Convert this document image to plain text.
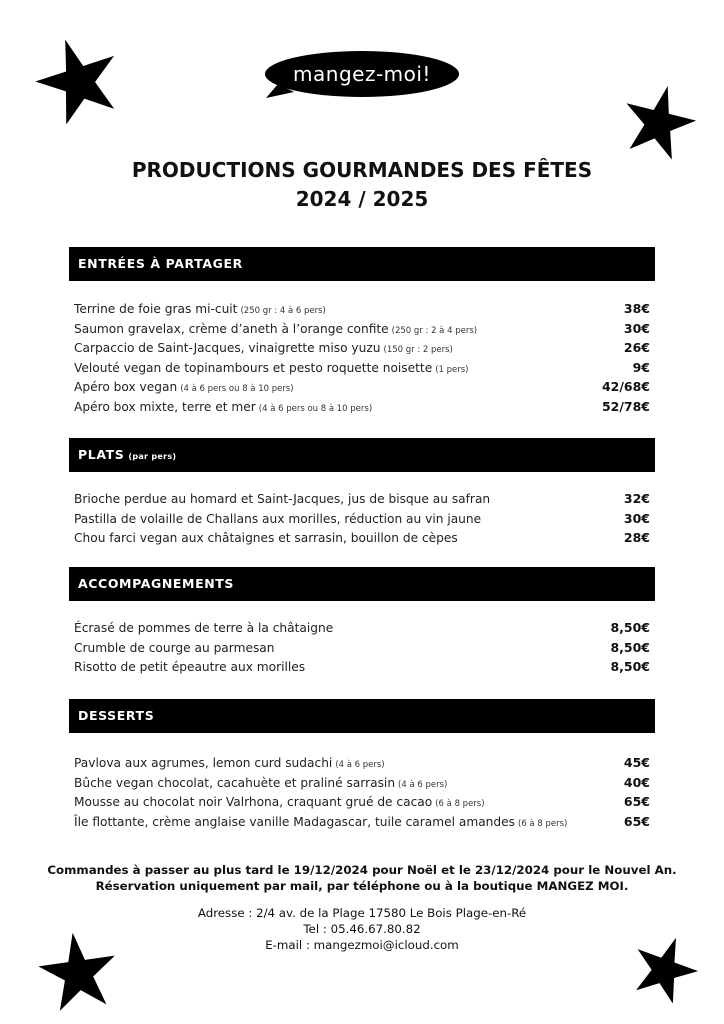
mangez-moi!
PRODUCTIONS GOURMANDES DES FÊTES
2024 / 2025
ENTRÉES À PARTAGER
Terrine de foie gras mi-cuit (250 gr : 4 à 6 pers)	38€
Saumon gravelax, crème d’aneth à l’orange confite (250 gr : 2 à 4 pers)	30€
Carpaccio de Saint-Jacques, vinaigrette miso yuzu (150 gr : 2 pers)	26€
Velouté vegan de topinambours et pesto roquette noisette (1 pers)	9€
Apéro box vegan (4 à 6 pers ou 8 à 10 pers)	42/68€
Apéro box mixte, terre et mer (4 à 6 pers ou 8 à 10 pers)	52/78€
PLATS (par pers)
Brioche perdue au homard et Saint-Jacques, jus de bisque au safran	32€
Pastilla de volaille de Challans aux morilles, réduction au vin jaune	30€
Chou farci vegan aux châtaignes et sarrasin, bouillon de cèpes	28€
ACCOMPAGNEMENTS
Écrasé de pommes de terre à la châtaigne	8,50€
Crumble de courge au parmesan	8,50€
Risotto de petit épeautre aux morilles	8,50€
DESSERTS
Pavlova aux agrumes, lemon curd sudachi (4 à 6 pers)	45€
Bûche vegan chocolat, cacahuète et praliné sarrasin (4 à 6 pers)	40€
Mousse au chocolat noir Valrhona, craquant grué de cacao (6 à 8 pers)	65€
Île flottante, crème anglaise vanille Madagascar, tuile caramel amandes (6 à 8 pers)	65€
Commandes à passer au plus tard le 19/12/2024 pour Noël et le 23/12/2024 pour le Nouvel An.
Réservation uniquement par mail, par téléphone ou à la boutique MANGEZ MOI.
Adresse : 2/4 av. de la Plage 17580 Le Bois Plage-en-Ré
Tel : 05.46.67.80.82
E-mail : mangezmoi@icloud.com
